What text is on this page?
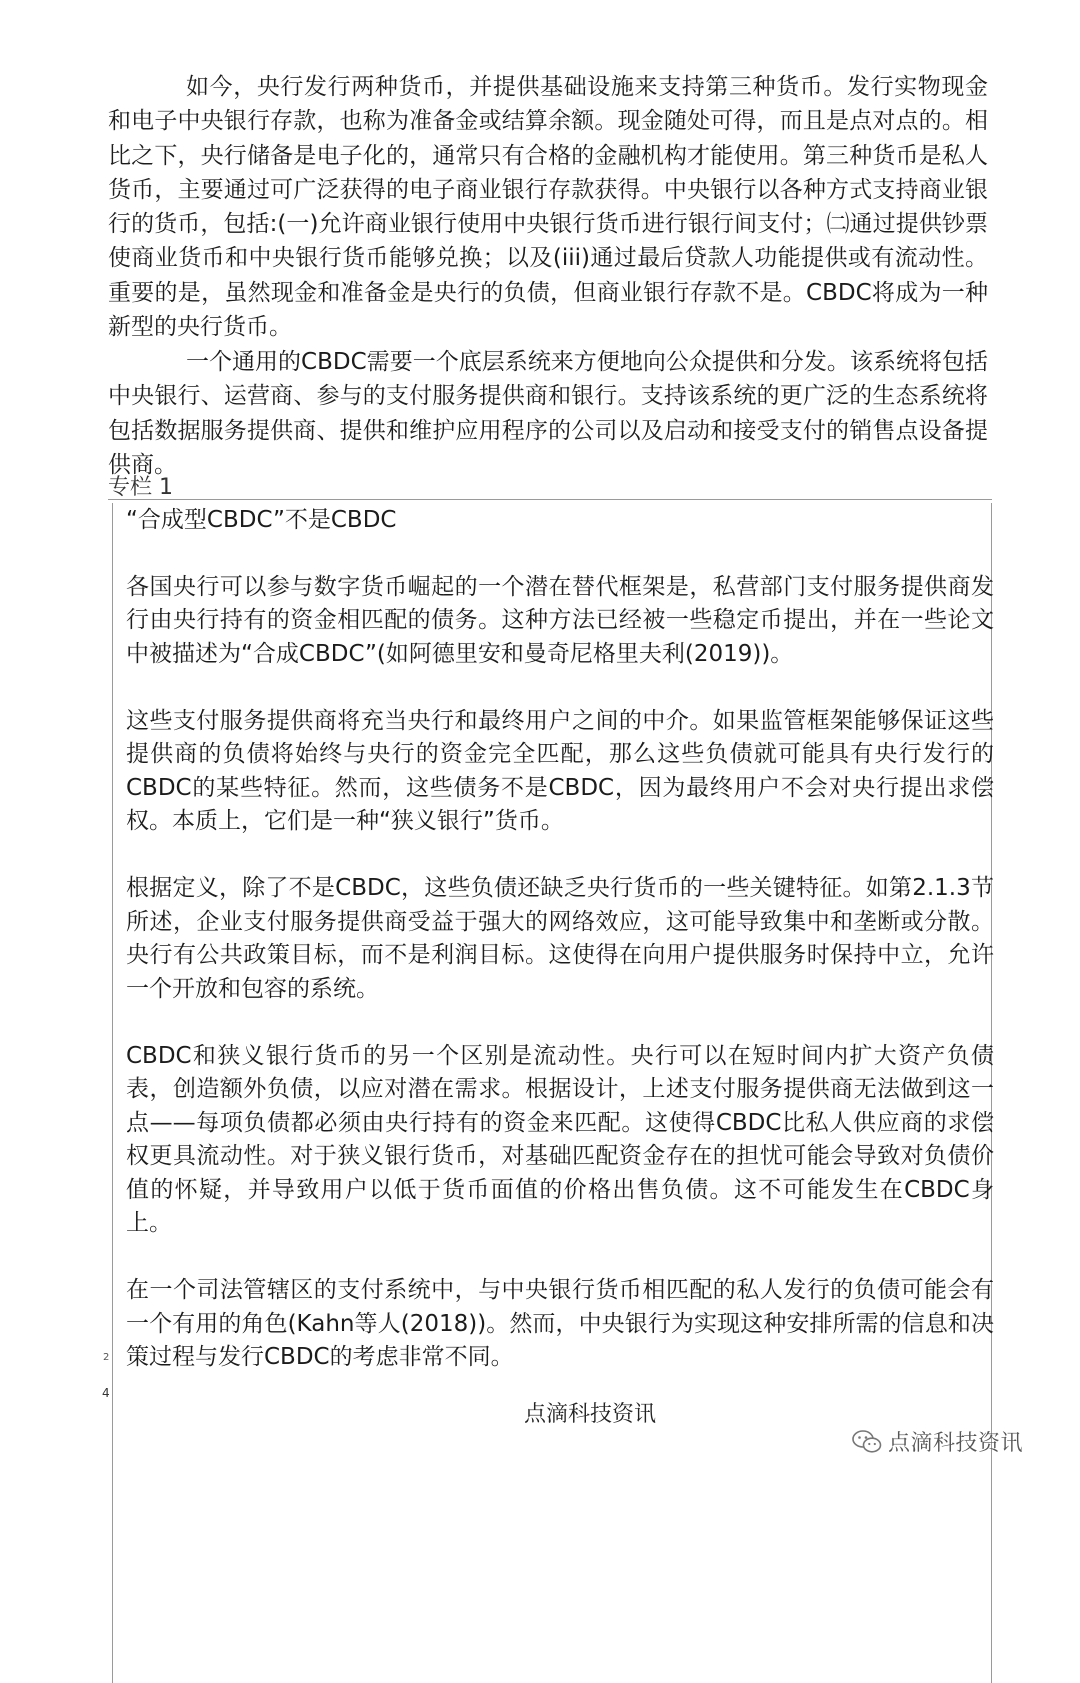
如今，央行发行两种货币，并提供基础设施来支持第三种货币。发行实物现金和电子中央银行存款，也称为准备金或结算余额。现金随处可得，而且是点对点的。相比之下，央行储备是电子化的，通常只有合格的金融机构才能使用。第三种货币是私人货币，主要通过可广泛获得的电子商业银行存款获得。中央银行以各种方式支持商业银行的货币，包括:(一)允许商业银行使用中央银行货币进行银行间支付；㈡通过提供钞票使商业货币和中央银行货币能够兑换；以及(iii)通过最后贷款人功能提供或有流动性。重要的是，虽然现金和准备金是央行的负债，但商业银行存款不是。CBDC将成为一种新型的央行货币。

一个通用的CBDC需要一个底层系统来方便地向公众提供和分发。该系统将包括中央银行、运营商、参与的支付服务提供商和银行。支持该系统的更广泛的生态系统将包括数据服务提供商、提供和维护应用程序的公司以及启动和接受支付的销售点设备提供商。

专栏 1
“合成型CBDC”不是CBDC

各国央行可以参与数字货币崛起的一个潜在替代框架是，私营部门支付服务提供商发行由央行持有的资金相匹配的债务。这种方法已经被一些稳定币提出，并在一些论文中被描述为“合成CBDC”(如阿德里安和曼奇尼格里夫利(2019))。

这些支付服务提供商将充当央行和最终用户之间的中介。如果监管框架能够保证这些提供商的负债将始终与央行的资金完全匹配，那么这些负债就可能具有央行发行的CBDC的某些特征。然而，这些债务不是CBDC，因为最终用户不会对央行提出求偿权。本质上，它们是一种“狭义银行”货币。

根据定义，除了不是CBDC，这些负债还缺乏央行货币的一些关键特征。如第2.1.3节所述，企业支付服务提供商受益于强大的网络效应，这可能导致集中和垄断或分散。央行有公共政策目标，而不是利润目标。这使得在向用户提供服务时保持中立，允许一个开放和包容的系统。

CBDC和狭义银行货币的另一个区别是流动性。央行可以在短时间内扩大资产负债表，创造额外负债，以应对潜在需求。根据设计，上述支付服务提供商无法做到这一点——每项负债都必须由央行持有的资金来匹配。这使得CBDC比私人供应商的求偿权更具流动性。对于狭义银行货币，对基础匹配资金存在的担忧可能会导致对负债价值的怀疑，并导致用户以低于货币面值的价格出售负债。这不可能发生在CBDC身上。

在一个司法管辖区的支付系统中，与中央银行货币相匹配的私人发行的负债可能会有一个有用的角色(Kahn等人(2018))。然而，中央银行为实现这种安排所需的信息和决策过程与发行CBDC的考虑非常不同。

2
4
点滴科技资讯
点滴科技资讯
